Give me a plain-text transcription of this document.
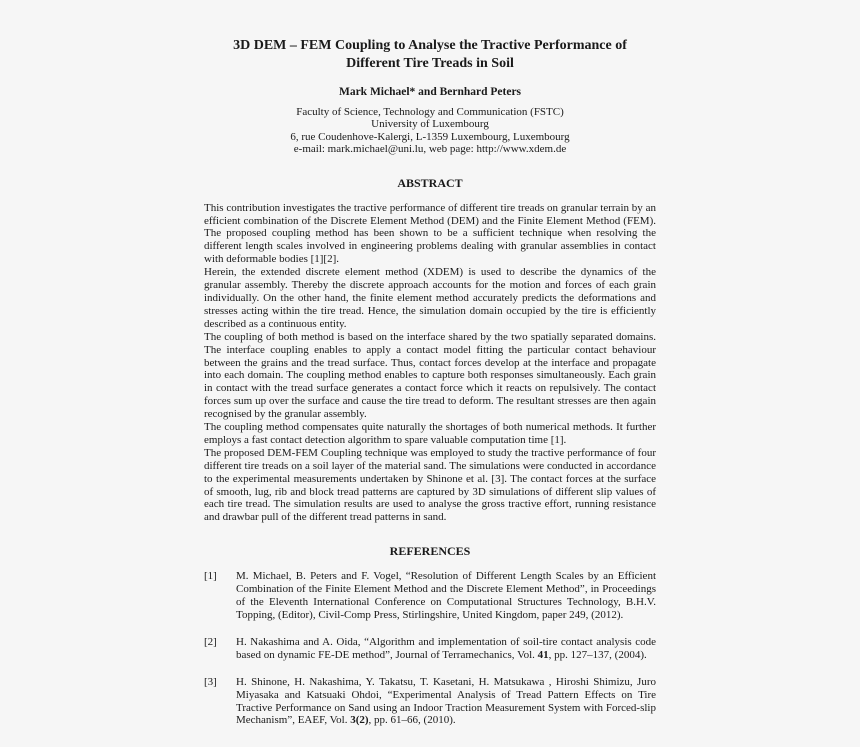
3D DEM – FEM Coupling to Analyse the Tractive Performance of
Different Tire Treads in Soil
Mark Michael* and Bernhard Peters
Faculty of Science, Technology and Communication (FSTC)
University of Luxembourg
6, rue Coudenhove-Kalergi, L-1359 Luxembourg, Luxembourg
e-mail: mark.michael@uni.lu, web page: http://www.xdem.de
ABSTRACT

This contribution investigates the tractive performance of different tire treads on granular terrain by an efficient combination of the Discrete Element Method (DEM) and the Finite Element Method (FEM). The proposed coupling method has been shown to be a sufficient technique when resolving the different length scales involved in engineering problems dealing with granular assemblies in contact with deformable bodies [1][2].

Herein, the extended discrete element method (XDEM) is used to describe the dynamics of the granular assembly. Thereby the discrete approach accounts for the motion and forces of each grain individually. On the other hand, the finite element method accurately predicts the deformations and stresses acting within the tire tread. Hence, the simulation domain occupied by the tire is efficiently described as a continuous entity.

The coupling of both method is based on the interface shared by the two spatially separated domains. The interface coupling enables to apply a contact model fitting the particular contact behaviour between the grains and the tread surface. Thus, contact forces develop at the interface and propagate into each domain. The coupling method enables to capture both responses simultaneously. Each grain in contact with the tread surface generates a contact force which it reacts on repulsively. The contact forces sum up over the surface and cause the tire tread to deform. The resultant stresses are then again recognised by the granular assembly.

The coupling method compensates quite naturally the shortages of both numerical methods. It further employs a fast contact detection algorithm to spare valuable computation time [1].

The proposed DEM-FEM Coupling technique was employed to study the tractive performance of four different tire treads on a soil layer of the material sand. The simulations were conducted in accordance to the experimental measurements undertaken by Shinone et al. [3]. The contact forces at the surface of smooth, lug, rib and block tread patterns are captured by 3D simulations of different slip values of each tire tread. The simulation results are used to analyse the gross tractive effort, running resistance and drawbar pull of the different tread patterns in sand.

REFERENCES
[1]	M. Michael, B. Peters and F. Vogel, “Resolution of Different Length Scales by an Efficient Combination of the Finite Element Method and the Discrete Element Method”, in Proceedings of the Eleventh International Conference on Computational Structures Technology, B.H.V. Topping, (Editor), Civil-Comp Press, Stirlingshire, United Kingdom, paper 249, (2012).
[2]	H. Nakashima and A. Oida, “Algorithm and implementation of soil-tire contact analysis code based on dynamic FE-DE method”, Journal of Terramechanics, Vol. 41, pp. 127–137, (2004).
[3]	H. Shinone, H. Nakashima, Y. Takatsu, T. Kasetani, H. Matsukawa , Hiroshi Shimizu, Juro Miyasaka and Katsuaki Ohdoi, “Experimental Analysis of Tread Pattern Effects on Tire Tractive Performance on Sand using an Indoor Traction Measurement System with Forced-slip Mechanism”, EAEF, Vol. 3(2), pp. 61–66, (2010).
